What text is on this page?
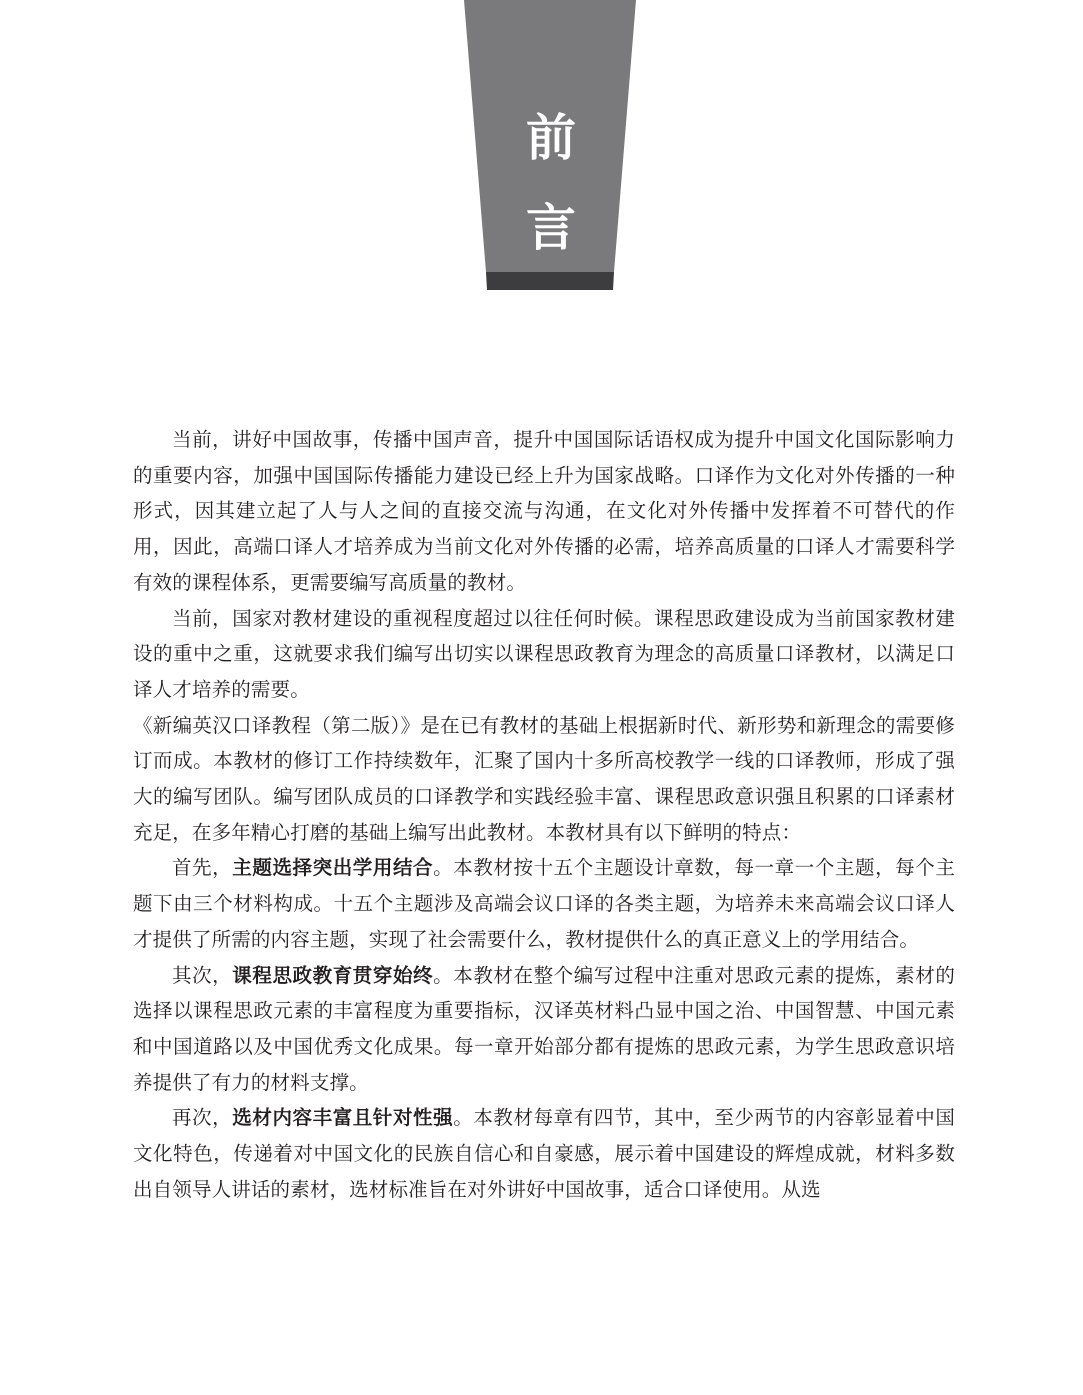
前
言

当前，讲好中国故事，传播中国声音，提升中国国际话语权成为提升中国文化国际影响力的重要内容，加强中国国际传播能力建设已经上升为国家战略。口译作为文化对外传播的一种形式，因其建立起了人与人之间的直接交流与沟通，在文化对外传播中发挥着不可替代的作用，因此，高端口译人才培养成为当前文化对外传播的必需，培养高质量的口译人才需要科学有效的课程体系，更需要编写高质量的教材。

当前，国家对教材建设的重视程度超过以往任何时候。课程思政建设成为当前国家教材建设的重中之重，这就要求我们编写出切实以课程思政教育为理念的高质量口译教材，以满足口译人才培养的需要。

《新编英汉口译教程（第二版）》是在已有教材的基础上根据新时代、新形势和新理念的需要修订而成。本教材的修订工作持续数年，汇聚了国内十多所高校教学一线的口译教师，形成了强大的编写团队。编写团队成员的口译教学和实践经验丰富、课程思政意识强且积累的口译素材充足，在多年精心打磨的基础上编写出此教材。本教材具有以下鲜明的特点：

首先，主题选择突出学用结合。本教材按十五个主题设计章数，每一章一个主题，每个主题下由三个材料构成。十五个主题涉及高端会议口译的各类主题，为培养未来高端会议口译人才提供了所需的内容主题，实现了社会需要什么，教材提供什么的真正意义上的学用结合。

其次，课程思政教育贯穿始终。本教材在整个编写过程中注重对思政元素的提炼，素材的选择以课程思政元素的丰富程度为重要指标，汉译英材料凸显中国之治、中国智慧、中国元素和中国道路以及中国优秀文化成果。每一章开始部分都有提炼的思政元素，为学生思政意识培养提供了有力的材料支撑。

再次，选材内容丰富且针对性强。本教材每章有四节，其中，至少两节的内容彰显着中国文化特色，传递着对中国文化的民族自信心和自豪感，展示着中国建设的辉煌成就，材料多数出自领导人讲话的素材，选材标准旨在对外讲好中国故事，适合口译使用。从选
